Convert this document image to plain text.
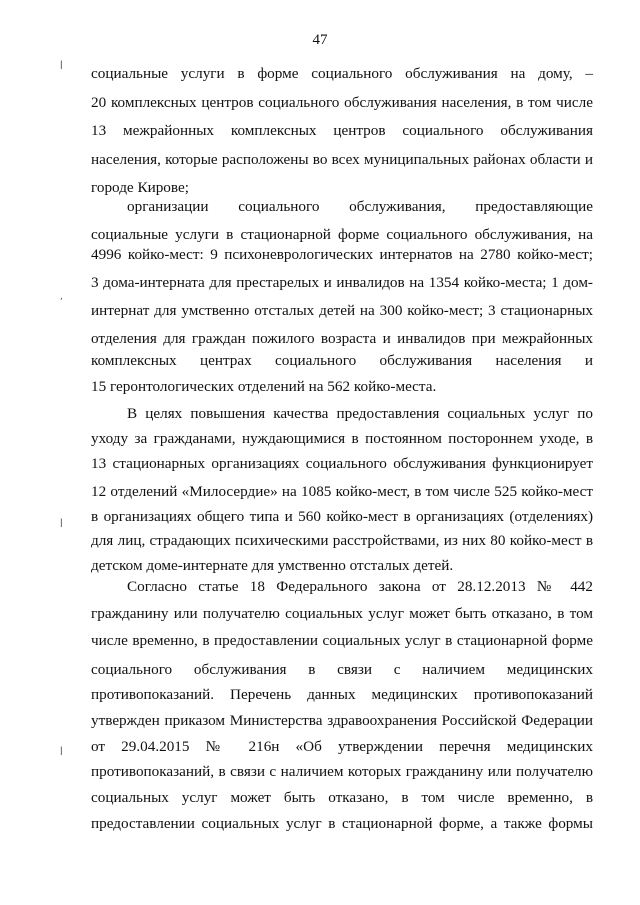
47
ǀ
,
ǀ
ǀ
социальные услуги в форме социального обслуживания на дому, –
20 комплексных центров социального обслуживания населения, в том числе
13 межрайонных комплексных центров социального обслуживания
населения, которые расположены во всех муниципальных районах области и
городе Кирове;
организации социального обслуживания, предоставляющие
социальные услуги в стационарной форме социального обслуживания, на
4996 койко-мест: 9 психоневрологических интернатов на 2780 койко-мест;
3 дома-интерната для престарелых и инвалидов на 1354 койко-места; 1 дом-
интернат для умственно отсталых детей на 300 койко-мест; 3 стационарных
отделения для граждан пожилого возраста и инвалидов при межрайонных
комплексных центрах социального обслуживания населения и
15 геронтологических отделений на 562 койко-места.
В целях повышения качества предоставления социальных услуг по
уходу за гражданами, нуждающимися в постоянном постороннем уходе, в
13 стационарных организациях социального обслуживания функционирует
12 отделений «Милосердие» на 1085 койко-мест, в том числе 525 койко-мест
в организациях общего типа и 560 койко-мест в организациях (отделениях)
для лиц, страдающих психическими расстройствами, из них 80 койко-мест в
детском доме-интернате для умственно отсталых детей.
Согласно статье 18 Федерального закона от 28.12.2013 № 442
гражданину или получателю социальных услуг может быть отказано, в том
числе временно, в предоставлении социальных услуг в стационарной форме
социального обслуживания в связи с наличием медицинских
противопоказаний. Перечень данных медицинских противопоказаний
утвержден приказом Министерства здравоохранения Российской Федерации
от 29.04.2015 № 216н «Об утверждении перечня медицинских
противопоказаний, в связи с наличием которых гражданину или получателю
социальных услуг может быть отказано, в том числе временно, в
предоставлении социальных услуг в стационарной форме, а также формы
